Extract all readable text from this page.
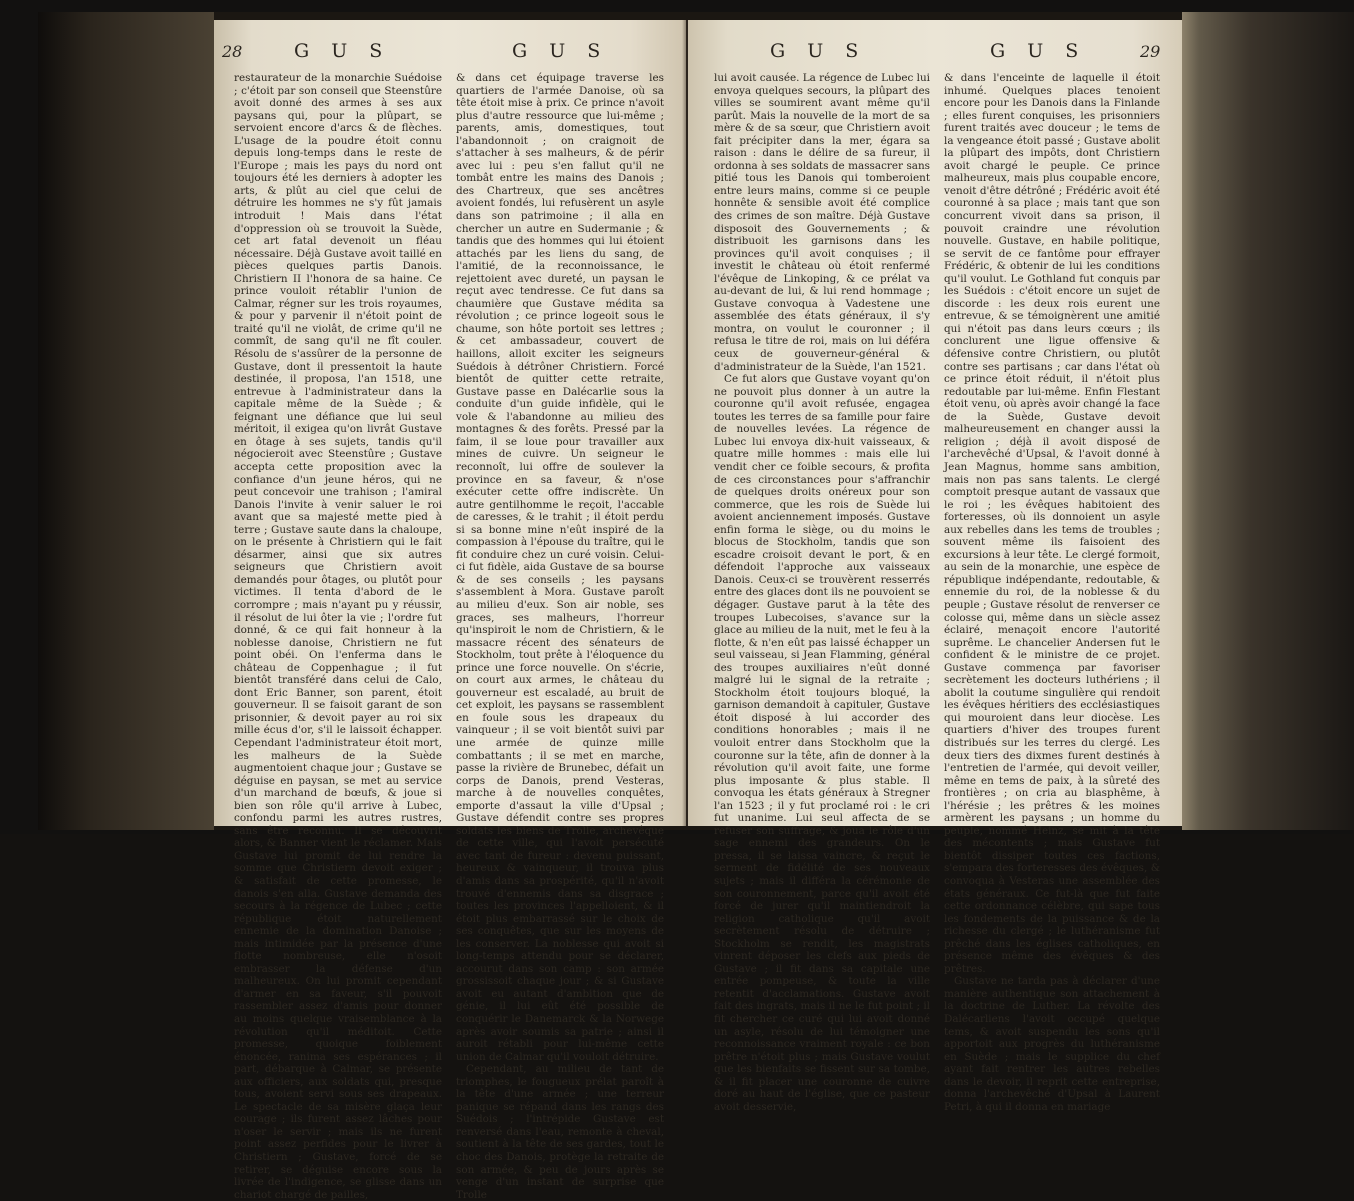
28	G U S	G U S

restaurateur de la monarchie Suédoise ; c'étoit par son conseil que Steenstûre avoit donné des armes à ses aux paysans qui, pour la plûpart, se servoient encore d'arcs & de flèches. L'usage de la poudre étoit connu depuis long-temps dans le reste de l'Europe ; mais les pays du nord ont toujours été les derniers à adopter les arts, & plût au ciel que celui de détruire les hommes ne s'y fût jamais introduit ! Mais dans l'état d'oppression où se trouvoit la Suède, cet art fatal devenoit un fléau nécessaire. Déjà Gustave avoit taillé en pièces quelques partis Danois. Christiern II l'honora de sa haine. Ce prince vouloit rétablir l'union de Calmar, régner sur les trois royaumes, & pour y parvenir il n'étoit point de traité qu'il ne violât, de crime qu'il ne commît, de sang qu'il ne fît couler. Résolu de s'assûrer de la personne de Gustave, dont il pressentoit la haute destinée, il proposa, l'an 1518, une entrevue à l'administrateur dans la capitale même de la Suède ; & feignant une défiance que lui seul méritoit, il exigea qu'on livrât Gustave en ôtage à ses sujets, tandis qu'il négocieroit avec Steenstûre ; Gustave accepta cette proposition avec la confiance d'un jeune héros, qui ne peut concevoir une trahison ; l'amiral Danois l'invite à venir saluer le roi avant que sa majesté mette pied à terre ; Gustave saute dans la chaloupe, on le présente à Christiern qui le fait désarmer, ainsi que six autres seigneurs que Christiern avoit demandés pour ôtages, ou plutôt pour victimes. Il tenta d'abord de le corrompre ; mais n'ayant pu y réussir, il résolut de lui ôter la vie ; l'ordre fut donné, & ce qui fait honneur à la noblesse danoise, Christiern ne fut point obéi. On l'enferma dans le château de Coppenhague ; il fut bientôt transféré dans celui de Calo, dont Eric Banner, son parent, étoit gouverneur. Il se faisoit garant de son prisonnier, & devoit payer au roi six mille écus d'or, s'il le laissoit échapper. Cependant l'administrateur étoit mort, les malheurs de la Suède augmentoient chaque jour ; Gustave se déguise en paysan, se met au service d'un marchand de bœufs, & joue si bien son rôle qu'il arrive à Lubec, confondu parmi les autres rustres, sans être reconnu. Il se découvrit alors, & Banner vient le réclamer. Mais Gustave lui promit de lui rendre la somme que Christiern devoit exiger ; & satisfait de cette promesse, le danois s'en alla. Gustave demanda des secours à la régence de Lubec ; cette république étoit naturellement ennemie de la domination Danoise ; mais intimidée par la présence d'une flotte nombreuse, elle n'osoit embrasser la défense d'un malheureux. On lui promit cependant d'armer en sa faveur, s'il pouvoit rassembler assez d'amis pour donner au moins quelque vraisemblance à la révolution qu'il méditoit. Cette promesse, quoique foiblement énoncée, ranima ses espérances ; il part, débarque à Calmar, se présente aux officiers, aux soldats qui, presque tous, avoient servi sous ses drapeaux. Le spectacle de sa misère glaça leur courage ; ils furent assez lâches pour n'oser le servir ; mais ils ne furent point assez perfides pour le livrer à Christiern ; Gustave, forcé de se retirer, se déguise encore sous la livrée de l'indigence, se glisse dans un chariot chargé de pailles,

& dans cet équipage traverse les quartiers de l'armée Danoise, où sa tête étoit mise à prix. Ce prince n'avoit plus d'autre ressource que lui-même ; parents, amis, domestiques, tout l'abandonnoit ; on craignoit de s'attacher à ses malheurs, & de périr avec lui : peu s'en fallut qu'il ne tombât entre les mains des Danois ; des Chartreux, que ses ancêtres avoient fondés, lui refusèrent un asyle dans son patrimoine ; il alla en chercher un autre en Sudermanie ; & tandis que des hommes qui lui étoient attachés par les liens du sang, de l'amitié, de la reconnoissance, le rejettoient avec dureté, un paysan le reçut avec tendresse. Ce fut dans sa chaumière que Gustave médita sa révolution ; ce prince logeoit sous le chaume, son hôte portoit ses lettres ; & cet ambassadeur, couvert de haillons, alloit exciter les seigneurs Suédois à détrôner Christiern. Forcé bientôt de quitter cette retraite, Gustave passe en Dalécarlie sous la conduite d'un guide infidèle, qui le vole & l'abandonne au milieu des montagnes & des forêts. Pressé par la faim, il se loue pour travailler aux mines de cuivre. Un seigneur le reconnoît, lui offre de soulever la province en sa faveur, & n'ose exécuter cette offre indiscrète. Un autre gentilhomme le reçoit, l'accable de caresses, & le trahit ; il étoit perdu si sa bonne mine n'eût inspiré de la compassion à l'épouse du traître, qui le fit conduire chez un curé voisin. Celui-ci fut fidèle, aida Gustave de sa bourse & de ses conseils ; les paysans s'assemblent à Mora. Gustave paroît au milieu d'eux. Son air noble, ses graces, ses malheurs, l'horreur qu'inspiroit le nom de Christiern, & le massacre récent des sénateurs de Stockholm, tout prête à l'éloquence du prince une force nouvelle. On s'écrie, on court aux armes, le château du gouverneur est escaladé, au bruit de cet exploit, les paysans se rassemblent en foule sous les drapeaux du vainqueur ; il se voit bientôt suivi par une armée de quinze mille combattants ; il se met en marche, passe la rivière de Brunebec, défait un corps de Danois, prend Vesteras, marche à de nouvelles conquêtes, emporte d'assaut la ville d'Upsal ; Gustave défendit contre ses propres soldats les biens de Trolle, archevêque de cette ville, qui l'avoit persécuté avec tant de fureur : devenu puissant, heureux & vainqueur, il trouva plus d'amis dans sa prospérité, qu'il n'avoit trouvé d'ennemis dans sa disgrace ; toutes les provinces l'appelloient, & il étoit plus embarrassé sur le choix de ses conquêtes, que sur les moyens de les conserver. La noblesse qui avoit si long-temps attendu pour se déclarer, accourut dans son camp : son armée grossissoit chaque jour ; & si Gustave avoit eu autant d'ambition que de génie, il lui eût été possible de conquérir le Danemarck & la Norwege après avoir soumis sa patrie ; ainsi il auroit rétabli pour lui-même cette union de Calmar qu'il vouloit détruire.

Cependant, au milieu de tant de triomphes, le fougueux prélat paroît à la tête d'une armée ; une terreur panique se répand dans les rangs des Suédois ; l'intrépide Gustave est renversé dans l'eau, remonte à cheval, soutient à la tête de ses gardes, tout le choc des Danois, protège la retraite de son armée, & peu de jours après se venge d'un instant de surprise que Trolle

G U S	G U S	29

lui avoit causée. La régence de Lubec lui envoya quelques secours, la plûpart des villes se soumirent avant même qu'il parût. Mais la nouvelle de la mort de sa mère & de sa sœur, que Christiern avoit fait précipiter dans la mer, égara sa raison : dans le délire de sa fureur, il ordonna à ses soldats de massacrer sans pitié tous les Danois qui tomberoient entre leurs mains, comme si ce peuple honnête & sensible avoit été complice des crimes de son maître. Déjà Gustave disposoit des Gouvernements ; & distribuoit les garnisons dans les provinces qu'il avoit conquises ; il investit le château où étoit renfermé l'évêque de Linkoping, & ce prélat va au-devant de lui, & lui rend hommage ; Gustave convoqua à Vadestene une assemblée des états généraux, il s'y montra, on voulut le couronner ; il refusa le titre de roi, mais on lui déféra ceux de gouverneur-général & d'administrateur de la Suède, l'an 1521.

Ce fut alors que Gustave voyant qu'on ne pouvoit plus donner à un autre la couronne qu'il avoit refusée, engagea toutes les terres de sa famille pour faire de nouvelles levées. La régence de Lubec lui envoya dix-huit vaisseaux, & quatre mille hommes : mais elle lui vendit cher ce foible secours, & profita de ces circonstances pour s'affranchir de quelques droits onéreux pour son commerce, que les rois de Suède lui avoient anciennement imposés. Gustave enfin forma le siège, ou du moins le blocus de Stockholm, tandis que son escadre croisoit devant le port, & en défendoit l'approche aux vaisseaux Danois. Ceux-ci se trouvèrent resserrés entre des glaces dont ils ne pouvoient se dégager. Gustave parut à la tête des troupes Lubecoises, s'avance sur la glace au milieu de la nuit, met le feu à la flotte, & n'en eût pas laissé échapper un seul vaisseau, si Jean Flamming, général des troupes auxiliaires n'eût donné malgré lui le signal de la retraite ; Stockholm étoit toujours bloqué, la garnison demandoit à capituler, Gustave étoit disposé à lui accorder des conditions honorables ; mais il ne vouloit entrer dans Stockholm que la couronne sur la tête, afin de donner à la révolution qu'il avoit faite, une forme plus imposante & plus stable. Il convoqua les états généraux à Stregner l'an 1523 ; il y fut proclamé roi : le cri fut unanime. Lui seul affecta de se refuser son suffrage, & joua le rôle d'un sage ennemi des grandeurs. On le pressa, il se laissa vaincre, & reçut le serment de fidélité de ses nouveaux sujets ; mais il différa la cérémonie de son couronnement, parce qu'il avoit été forcé de jurer qu'il maintiendroit la religion catholique qu'il avoit secrètement résolu de détruire ; Stockholm se rendit, les magistrats vinrent déposer les clefs aux pieds de Gustave ; il fit dans sa capitale une entrée pompeuse, & toute la ville retentit d'acclamations. Gustave avoit fait des ingrats, mais il ne le fut point ; il fit chercher ce curé qui lui avoit donné un asyle, résolu de lui témoigner une reconnoissance vraiment royale : ce bon prêtre n'étoit plus ; mais Gustave voulut que les bienfaits se fissent sur sa tombe, & il fit placer une couronne de cuivre doré au haut de l'église, que ce pasteur avoit desservie,

& dans l'enceinte de laquelle il étoit inhumé. Quelques places tenoient encore pour les Danois dans la Finlande ; elles furent conquises, les prisonniers furent traités avec douceur ; le tems de la vengeance étoit passé ; Gustave abolit la plûpart des impôts, dont Christiern avoit chargé le peuple. Ce prince malheureux, mais plus coupable encore, venoit d'être détrôné ; Frédéric avoit été couronné à sa place ; mais tant que son concurrent vivoit dans sa prison, il pouvoit craindre une révolution nouvelle. Gustave, en habile politique, se servit de ce fantôme pour effrayer Frédéric, & obtenir de lui les conditions qu'il voulut. Le Gothland fut conquis par les Suédois : c'étoit encore un sujet de discorde : les deux rois eurent une entrevue, & se témoignèrent une amitié qui n'étoit pas dans leurs cœurs ; ils conclurent une ligue offensive & défensive contre Christiern, ou plutôt contre ses partisans ; car dans l'état où ce prince étoit réduit, il n'étoit plus redoutable par lui-même. Enfin Flestant étoit venu, où après avoir changé la face de la Suède, Gustave devoit malheureusement en changer aussi la religion ; déjà il avoit disposé de l'archevêché d'Upsal, & l'avoit donné à Jean Magnus, homme sans ambition, mais non pas sans talents. Le clergé comptoit presque autant de vassaux que le roi ; les évêques habitoient des forteresses, où ils donnoient un asyle aux rebelles dans les tems de troubles ; souvent même ils faisoient des excursions à leur tête. Le clergé formoit, au sein de la monarchie, une espèce de république indépendante, redoutable, & ennemie du roi, de la noblesse & du peuple ; Gustave résolut de renverser ce colosse qui, même dans un siècle assez éclairé, menaçoit encore l'autorité suprême. Le chancelier Andersen fut le confident & le ministre de ce projet. Gustave commença par favoriser secrètement les docteurs luthériens ; il abolit la coutume singulière qui rendoit les évêques héritiers des ecclésiastiques qui mouroient dans leur diocèse. Les quartiers d'hiver des troupes furent distribués sur les terres du clergé. Les deux tiers des dixmes furent destinés à l'entretien de l'armée, qui devoit veiller, même en tems de paix, à la sûreté des frontières ; on cria au blasphême, à l'hérésie ; les prêtres & les moines armèrent les paysans ; un homme du peuple, nommé Heinz, se mit à la tête des mécontents ; mais Gustave fut bientôt dissiper toutes ces factions, s'empara des forteresses des évêques, & convoqua à Vesteras une assemblée des états généraux. Ce fut-là que fut faite cette ordonnance célèbre, qui sape tous les fondements de la puissance & de la richesse du clergé ; le luthéranisme fut prêché dans les églises catholiques, en présence même des évêques & des prêtres.

Gustave ne tarda pas à déclarer d'une manière authentique son attachement à la doctrine de Luther. La révolte des Dalécarliens l'avoit occupé quelque tems, & avoit suspendu les sons qu'il apportoit aux progrès du luthéranisme en Suède ; mais le supplice du chef ayant fait rentrer les autres rebelles dans le devoir, il reprit cette entreprise, donna l'archevêché d'Upsal à Laurent Petri, à qui il donna en mariage
